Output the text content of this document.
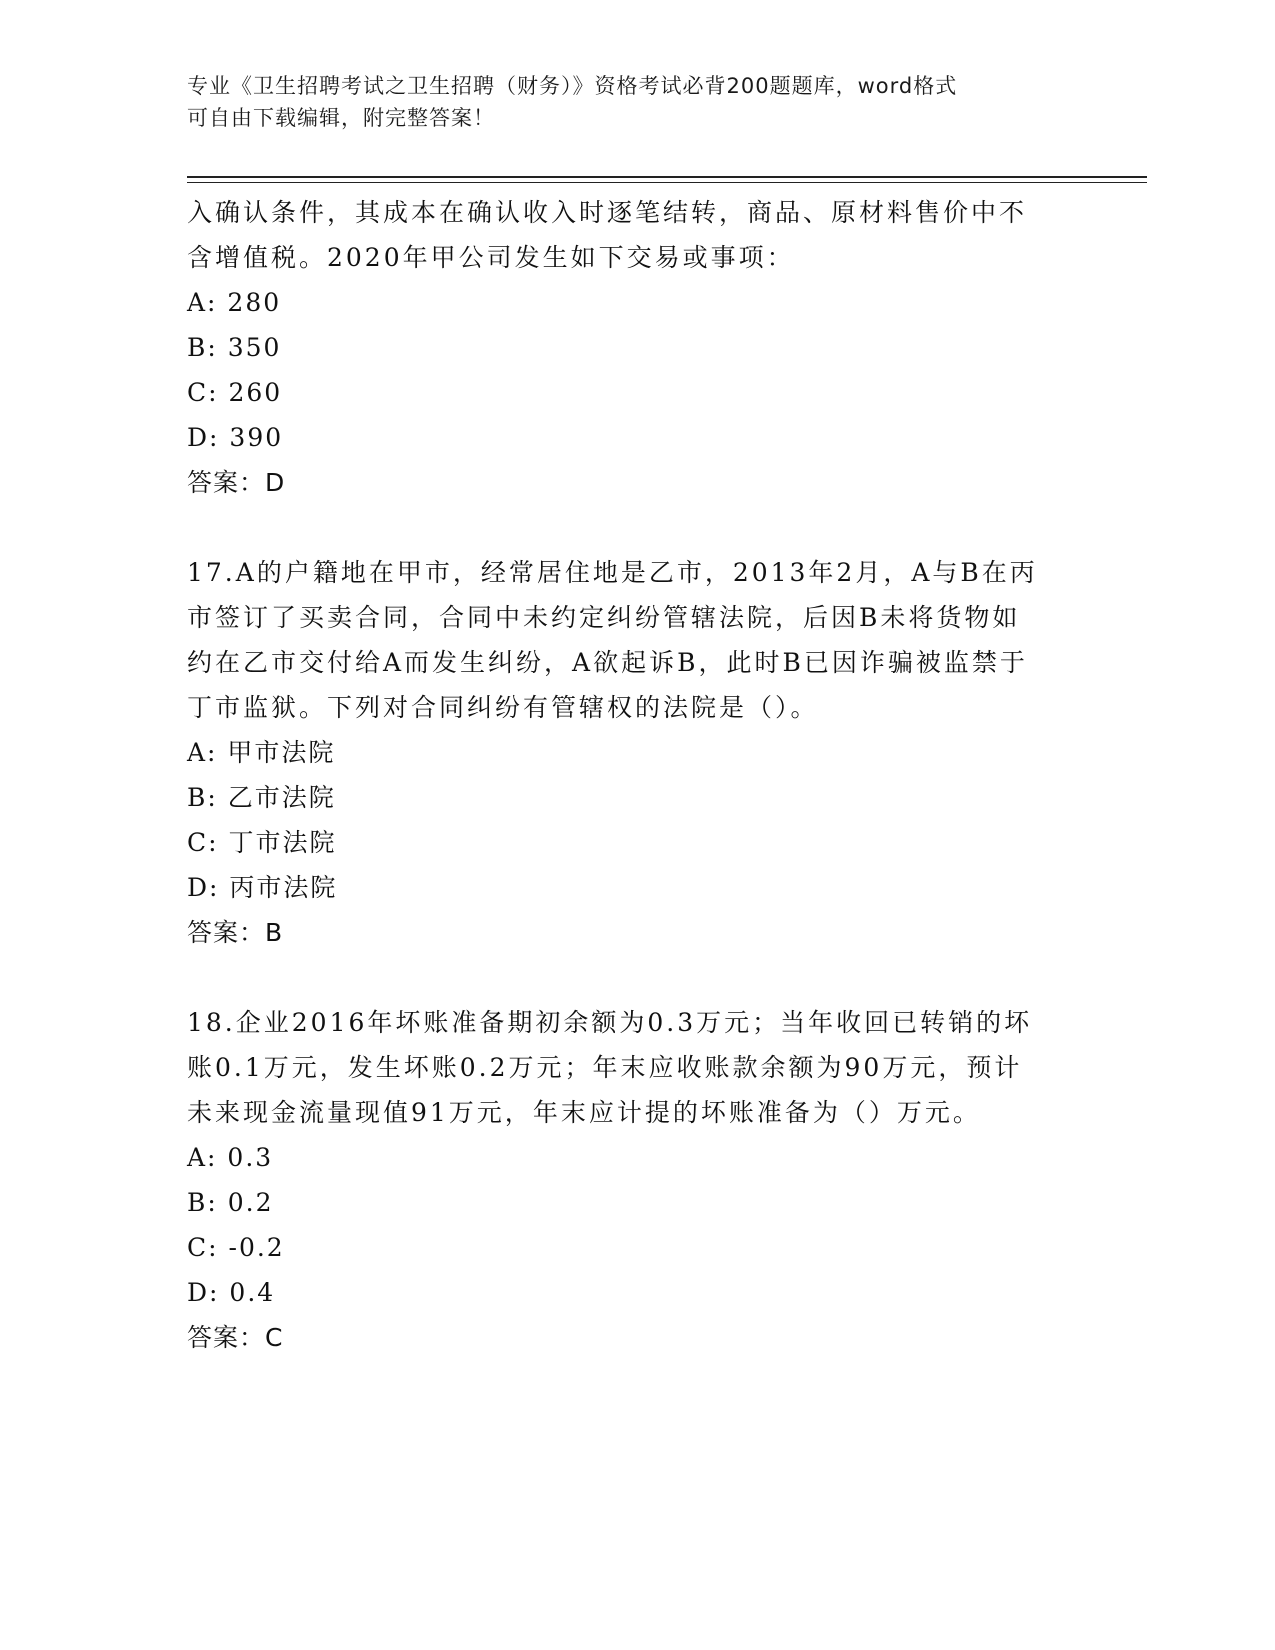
专业《卫生招聘考试之卫生招聘（财务）》资格考试必背200题题库，word格式
可自由下载编辑，附完整答案！

入确认条件，其成本在确认收入时逐笔结转，商品、原材料售价中不

含增值税。2020年甲公司发生如下交易或事项：

A: 280

B: 350

C: 260

D: 390

答案：D

17.A的户籍地在甲市，经常居住地是乙市，2013年2月，A与B在丙

市签订了买卖合同，合同中未约定纠纷管辖法院，后因B未将货物如

约在乙市交付给A而发生纠纷，A欲起诉B，此时B已因诈骗被监禁于

丁市监狱。下列对合同纠纷有管辖权的法院是（）。

A: 甲市法院

B: 乙市法院

C: 丁市法院

D: 丙市法院

答案：B

18.企业2016年坏账准备期初余额为0.3万元；当年收回已转销的坏

账0.1万元，发生坏账0.2万元；年末应收账款余额为90万元，预计

未来现金流量现值91万元，年末应计提的坏账准备为（）万元。

A: 0.3

B: 0.2

C: -0.2

D: 0.4

答案：C
